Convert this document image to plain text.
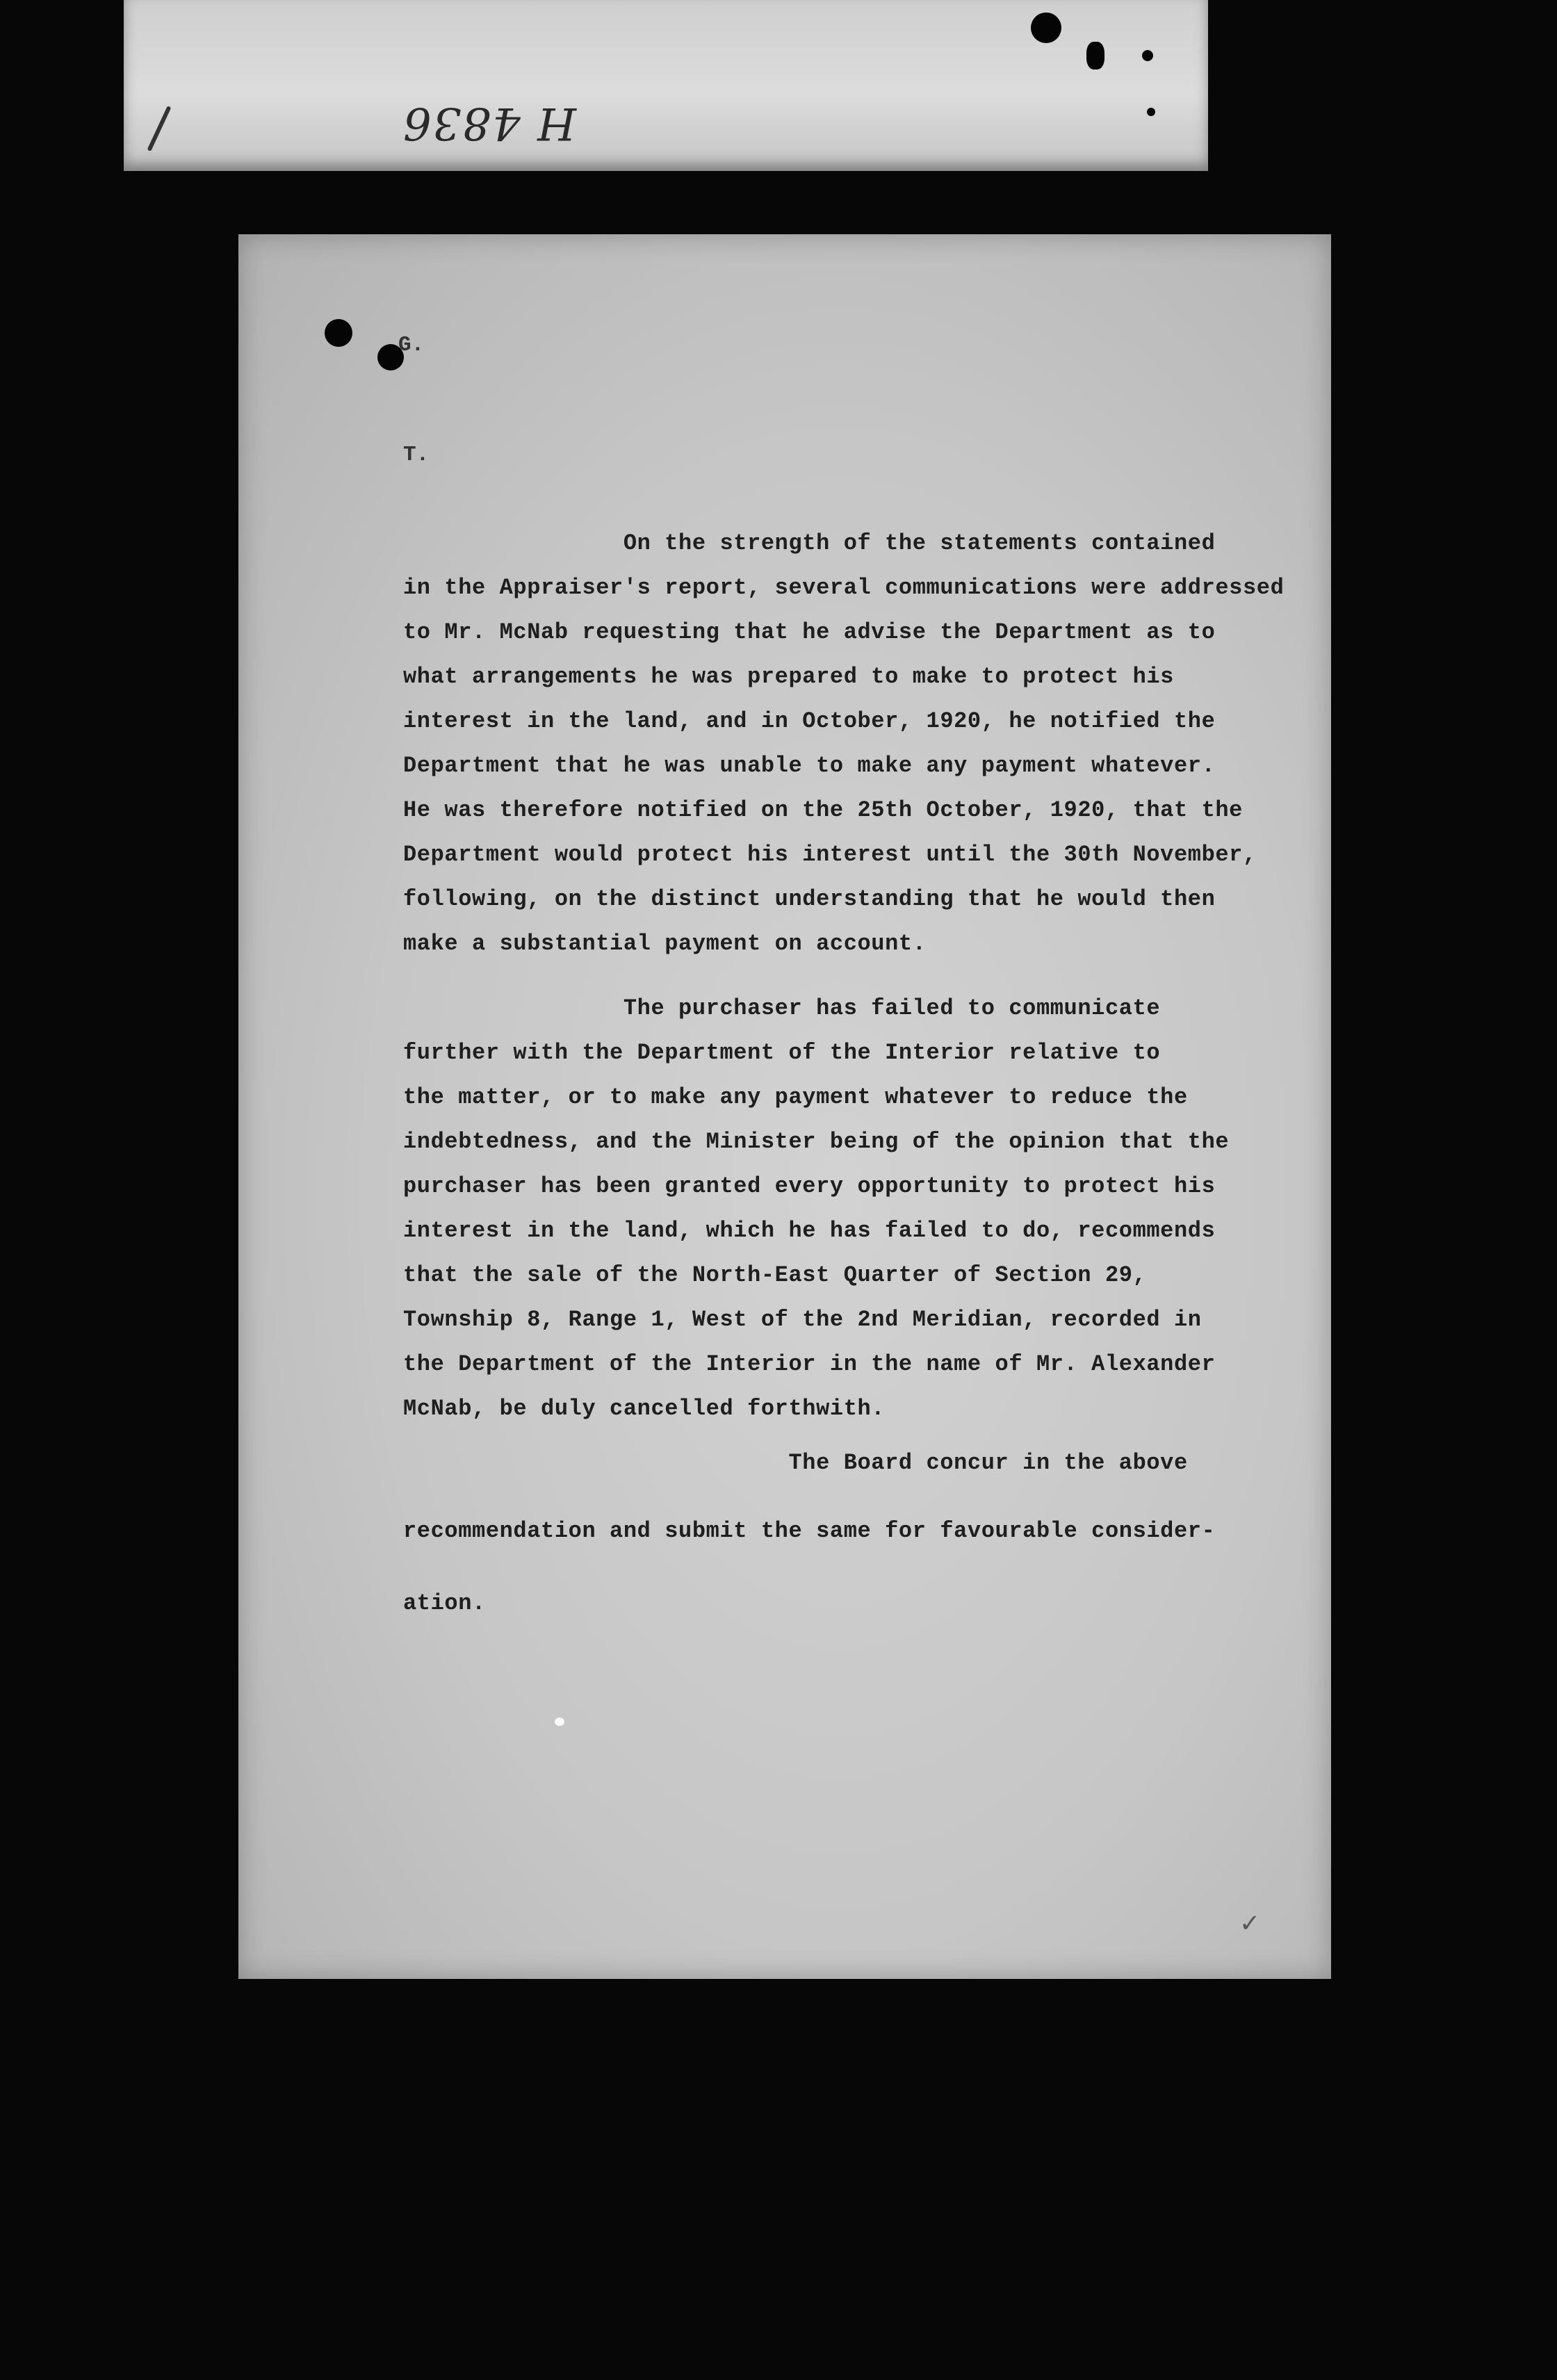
H 4836
G.
T.
On the strength of the statements contained
in the Appraiser's report, several communications were addressed
to Mr. McNab requesting that he advise the Department as to
what arrangements he was prepared to make to protect his
interest in the land, and in October, 1920, he notified the
Department that he was unable to make any payment whatever.
He was therefore notified on the 25th October, 1920, that the
Department would protect his interest until the 30th November,
following, on the distinct understanding that he would then
make a substantial payment on account.
The purchaser has failed to communicate
further with the Department of the Interior relative to
the matter, or to make any payment whatever to reduce the
indebtedness, and the Minister being of the opinion that the
purchaser has been granted every opportunity to protect his
interest in the land, which he has failed to do, recommends
that the sale of the North-East Quarter of Section 29,
Township 8, Range 1, West of the 2nd Meridian, recorded in
the Department of the Interior in the name of Mr. Alexander
McNab, be duly cancelled forthwith.
The Board concur in the above
recommendation and submit the same for favourable consider-
ation.
✓
